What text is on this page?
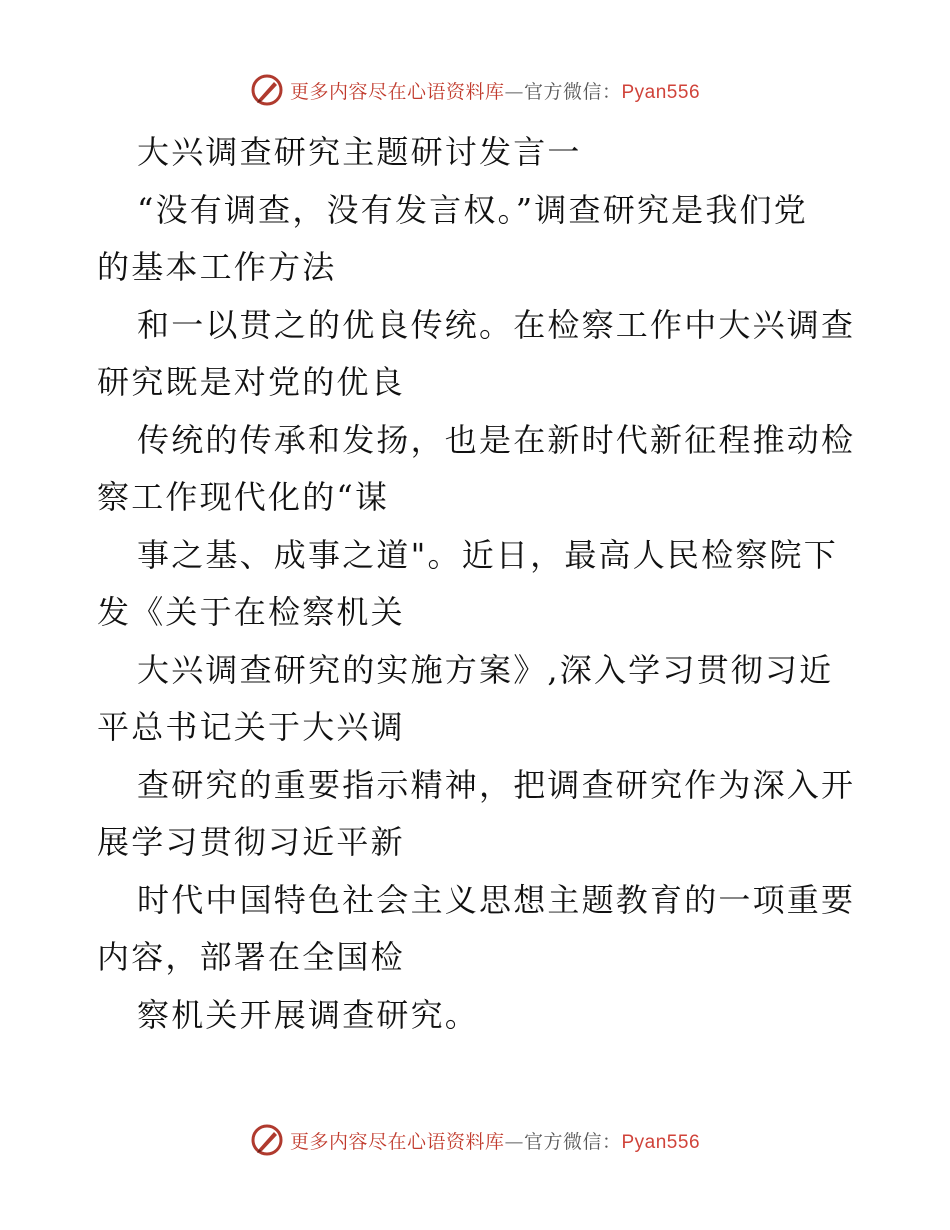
更多内容尽在心语资料库—官方微信：Pyan556
大兴调查研究主题研讨发言一
“没有调查，没有发言权。”调查研究是我们党
的基本工作方法
和一以贯之的优良传统。在检察工作中大兴调查
研究既是对党的优良
传统的传承和发扬，也是在新时代新征程推动检
察工作现代化的“谋
事之基、成事之道"。近日，最高人民检察院下
发《关于在检察机关
大兴调查研究的实施方案》,深入学习贯彻习近
平总书记关于大兴调
查研究的重要指示精神，把调查研究作为深入开
展学习贯彻习近平新
时代中国特色社会主义思想主题教育的一项重要
内容，部署在全国检
察机关开展调查研究。
更多内容尽在心语资料库—官方微信：Pyan556
